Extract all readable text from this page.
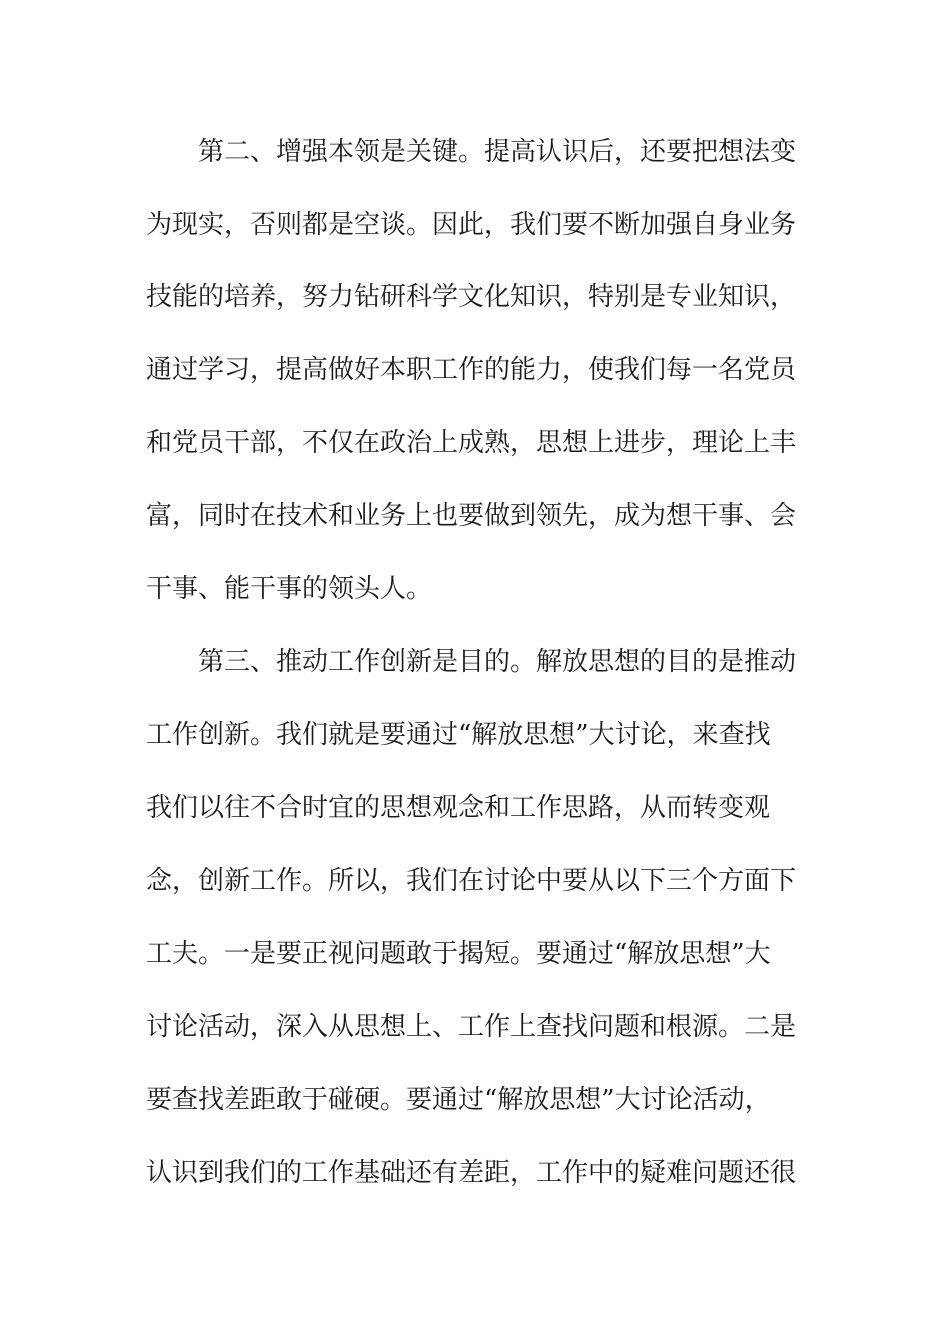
第二、增强本领是关键。提高认识后，还要把想法变
为现实，否则都是空谈。因此，我们要不断加强自身业务
技能的培养，努力钻研科学文化知识，特别是专业知识，
通过学习，提高做好本职工作的能力，使我们每一名党员
和党员干部，不仅在政治上成熟，思想上进步，理论上丰
富，同时在技术和业务上也要做到领先，成为想干事、会
干事、能干事的领头人。
第三、推动工作创新是目的。解放思想的目的是推动
工作创新。我们就是要通过“解放思想”大讨论，来查找
我们以往不合时宜的思想观念和工作思路，从而转变观
念，创新工作。所以，我们在讨论中要从以下三个方面下
工夫。一是要正视问题敢于揭短。要通过“解放思想”大
讨论活动，深入从思想上、工作上查找问题和根源。二是
要查找差距敢于碰硬。要通过“解放思想”大讨论活动，
认识到我们的工作基础还有差距，工作中的疑难问题还很
